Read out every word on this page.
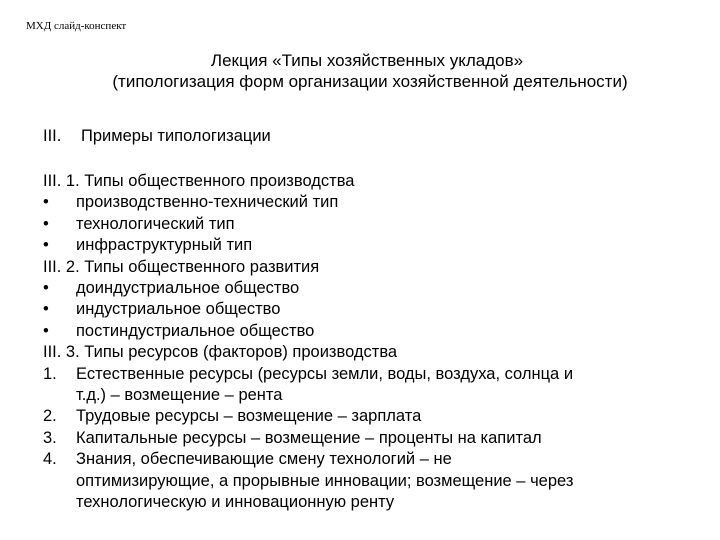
МХД слайд-конспект
Лекция «Типы хозяйственных укладов»
(типологизация форм организации хозяйственной деятельности)
III. Примеры типологизации
III. 1. Типы общественного производства
•	производственно-технический тип
•	технологический тип
•	инфраструктурный тип
III. 2. Типы общественного развития
•	доиндустриальное общество
•	индустриальное общество
•	постиндустриальное общество
III. 3. Типы ресурсов (факторов) производства
1.	Естественные ресурсы (ресурсы земли, воды, воздуха, солнца и
т.д.) – возмещение – рента
2.	Трудовые ресурсы – возмещение – зарплата
3.	Капитальные ресурсы – возмещение – проценты на капитал
4.	Знания, обеспечивающие смену технологий – не
оптимизирующие, а прорывные инновации; возмещение – через
технологическую и инновационную ренту
